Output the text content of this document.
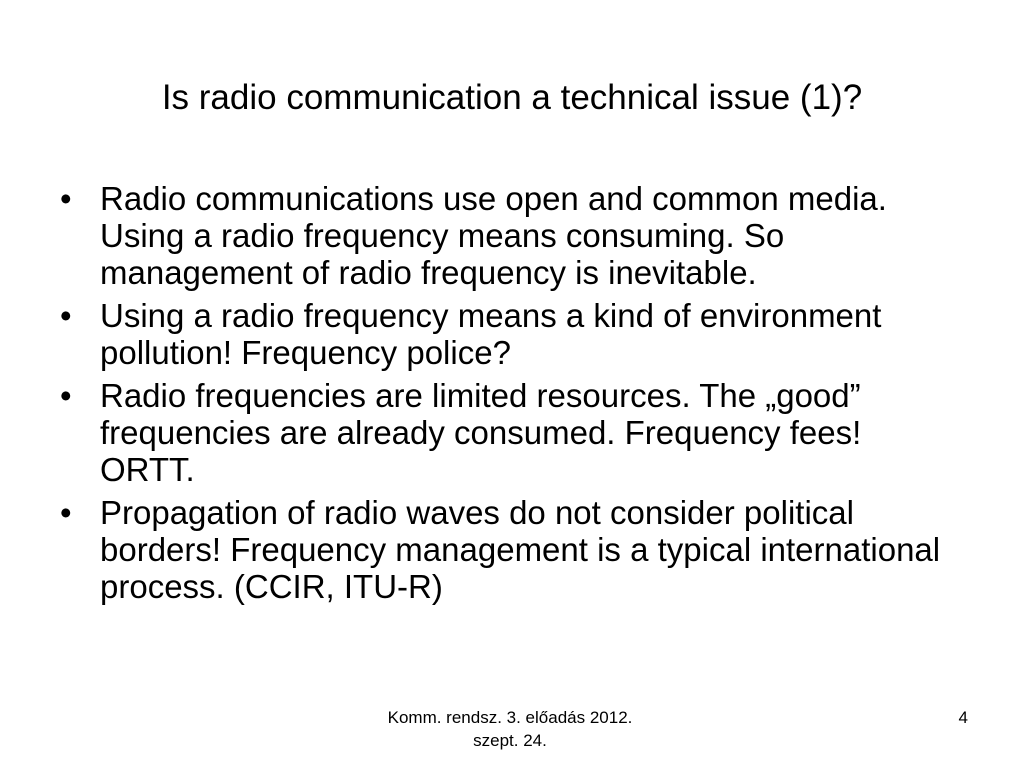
Is radio communication a technical issue (1)?
• Radio communications use open and common media. Using a radio frequency means consuming. So management of radio frequency is inevitable.
• Using a radio frequency means a kind of environment pollution! Frequency police?
• Radio frequencies are limited resources. The „good” frequencies are already consumed. Frequency fees! ORTT.
• Propagation of radio waves do not consider political borders! Frequency management is a typical international process. (CCIR, ITU-R)
Komm. rendsz. 3. előadás 2012.
szept. 24.
4
